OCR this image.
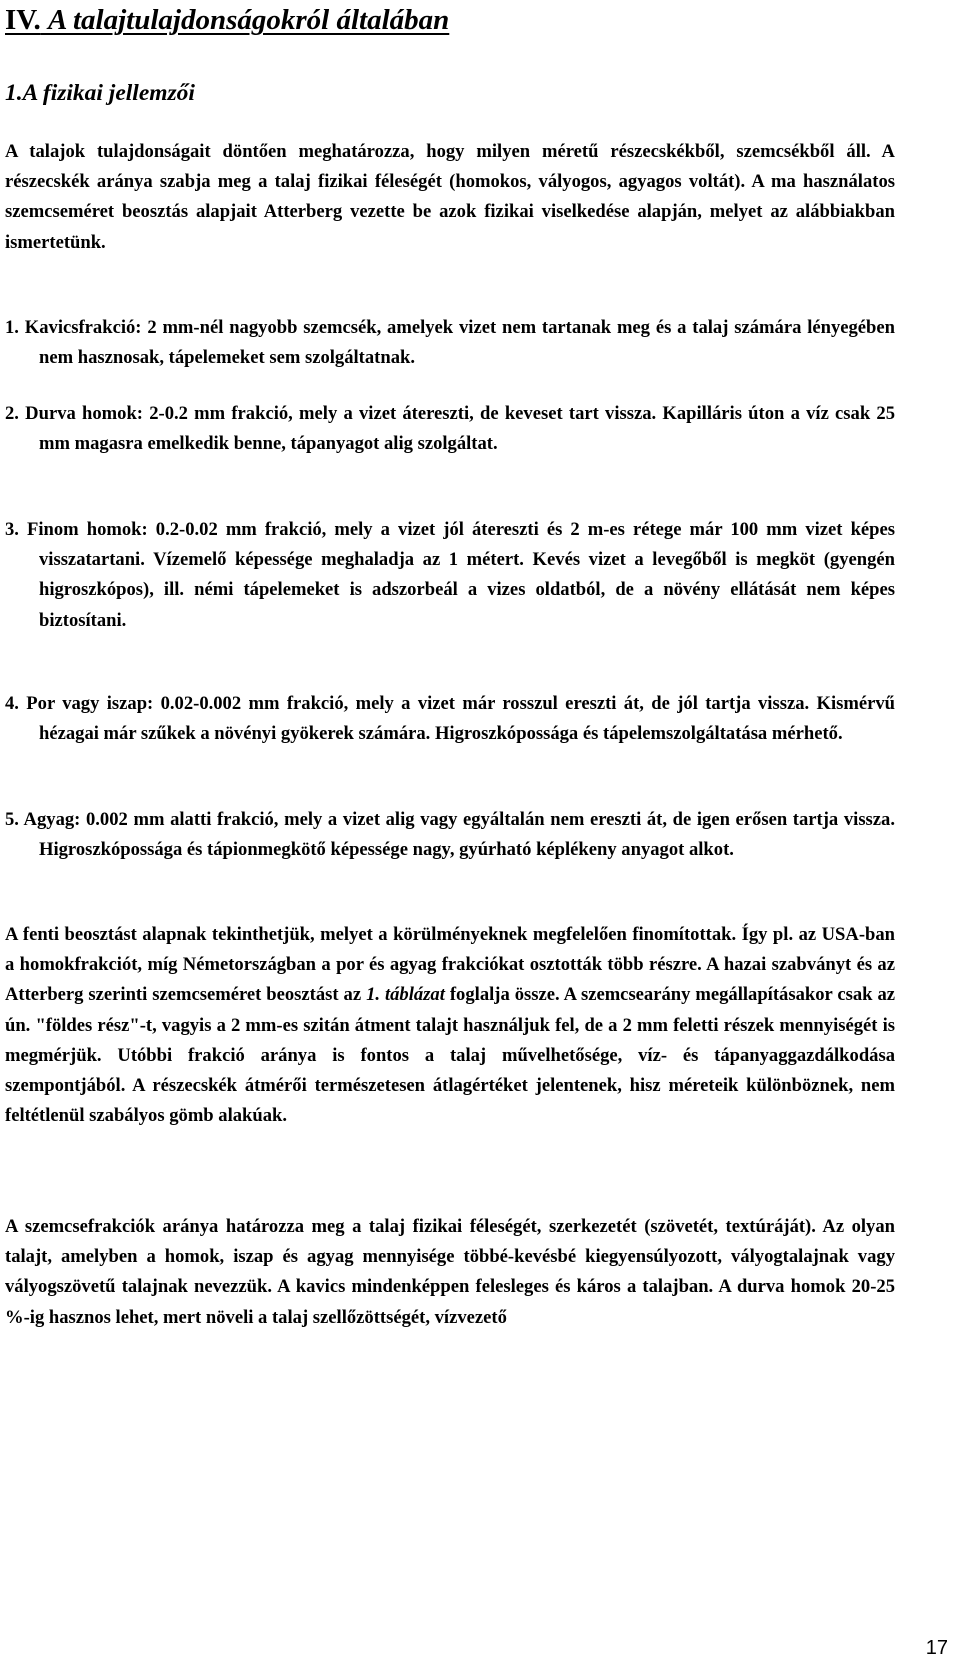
IV. A talajtulajdonságokról általában
1.A fizikai jellemzői

A talajok tulajdonságait döntően meghatározza, hogy milyen méretű részecskékből, szemcsékből áll. A részecskék aránya szabja meg a talaj fizikai féleségét (homokos, vályogos, agyagos voltát). A ma használatos szemcseméret beosztás alapjait Atterberg vezette be azok fizikai viselkedése alapján, melyet az alábbiakban ismertetünk.

1. Kavicsfrakció: 2 mm-nél nagyobb szemcsék, amelyek vizet nem tartanak meg és a talaj számára lényegében nem hasznosak, tápelemeket sem szolgáltatnak.

2. Durva homok: 2-0.2 mm frakció, mely a vizet átereszti, de keveset tart vissza. Kapilláris úton a víz csak 25 mm magasra emelkedik benne, tápanyagot alig szolgáltat.

3. Finom homok: 0.2-0.02 mm frakció, mely a vizet jól átereszti és 2 m-es rétege már 100 mm vizet képes visszatartani. Vízemelő képessége meghaladja az 1 métert. Kevés vizet a levegőből is megköt (gyengén higroszkópos), ill. némi tápelemeket is adszorbeál a vizes oldatból, de a növény ellátását nem képes biztosítani.

4. Por vagy iszap: 0.02-0.002 mm frakció, mely a vizet már rosszul ereszti át, de jól tartja vissza. Kismérvű hézagai már szűkek a növényi gyökerek számára. Higroszkópossága és tápelemszolgáltatása mérhető.

5. Agyag: 0.002 mm alatti frakció, mely a vizet alig vagy egyáltalán nem ereszti át, de igen erősen tartja vissza. Higroszkópossága és tápionmegkötő képessége nagy, gyúrható képlékeny anyagot alkot.

A fenti beosztást alapnak tekinthetjük, melyet a körülményeknek megfelelően finomítottak. Így pl. az USA-ban a homokfrakciót, míg Németországban a por és agyag frakciókat osztották több részre. A hazai szabványt és az Atterberg szerinti szemcseméret beosztást az 1. táblázat foglalja össze. A szemcsearány megállapításakor csak az ún. "földes rész"-t, vagyis a 2 mm-es szitán átment talajt használjuk fel, de a 2 mm feletti részek mennyiségét is megmérjük. Utóbbi frakció aránya is fontos a talaj művelhetősége, víz- és tápanyaggazdálkodása szempontjából. A részecskék átmérői természetesen átlagértéket jelentenek, hisz méreteik különböznek, nem feltétlenül szabályos gömb alakúak.

A szemcsefrakciók aránya határozza meg a talaj fizikai féleségét, szerkezetét (szövetét, textúráját). Az olyan talajt, amelyben a homok, iszap és agyag mennyisége többé-kevésbé kiegyensúlyozott, vályogtalajnak vagy vályogszövetű talajnak nevezzük. A kavics mindenképpen felesleges és káros a talajban. A durva homok 20-25 %-ig hasznos lehet, mert növeli a talaj szellőzöttségét, vízvezető

17
